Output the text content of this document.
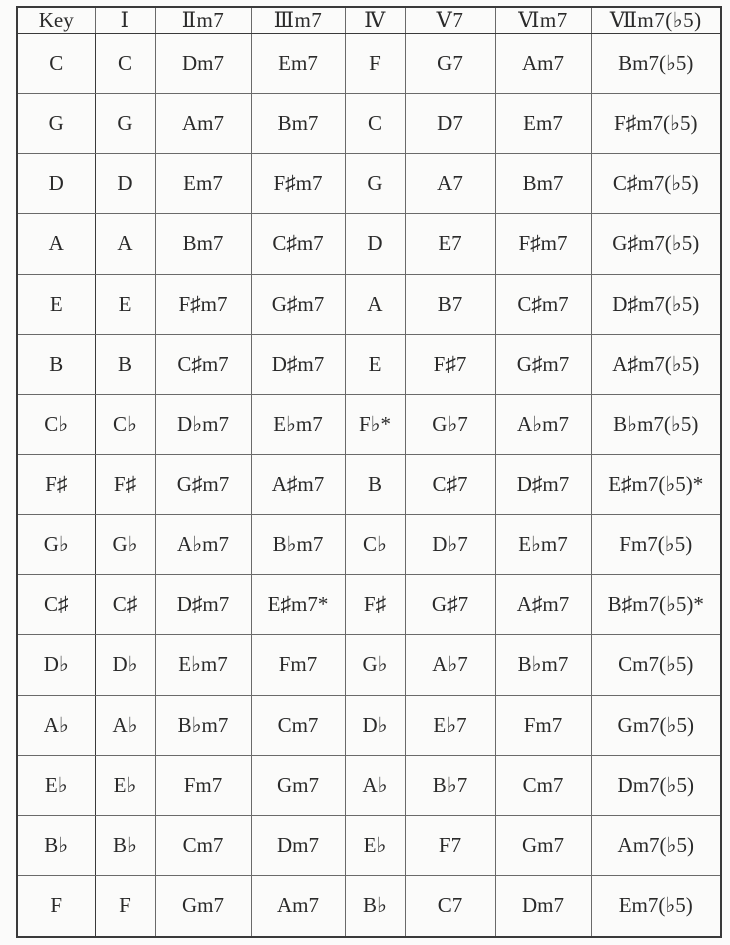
Key	Ⅰ	Ⅱm7	Ⅲm7	Ⅳ	Ⅴ7	Ⅵm7	Ⅶm7(♭5)
C	C	Dm7	Em7	F	G7	Am7	Bm7(♭5)
G	G	Am7	Bm7	C	D7	Em7	F♯m7(♭5)
D	D	Em7	F♯m7	G	A7	Bm7	C♯m7(♭5)
A	A	Bm7	C♯m7	D	E7	F♯m7	G♯m7(♭5)
E	E	F♯m7	G♯m7	A	B7	C♯m7	D♯m7(♭5)
B	B	C♯m7	D♯m7	E	F♯7	G♯m7	A♯m7(♭5)
C♭	C♭	D♭m7	E♭m7	F♭*	G♭7	A♭m7	B♭m7(♭5)
F♯	F♯	G♯m7	A♯m7	B	C♯7	D♯m7	E♯m7(♭5)*
G♭	G♭	A♭m7	B♭m7	C♭	D♭7	E♭m7	Fm7(♭5)
C♯	C♯	D♯m7	E♯m7*	F♯	G♯7	A♯m7	B♯m7(♭5)*
D♭	D♭	E♭m7	Fm7	G♭	A♭7	B♭m7	Cm7(♭5)
A♭	A♭	B♭m7	Cm7	D♭	E♭7	Fm7	Gm7(♭5)
E♭	E♭	Fm7	Gm7	A♭	B♭7	Cm7	Dm7(♭5)
B♭	B♭	Cm7	Dm7	E♭	F7	Gm7	Am7(♭5)
F	F	Gm7	Am7	B♭	C7	Dm7	Em7(♭5)
